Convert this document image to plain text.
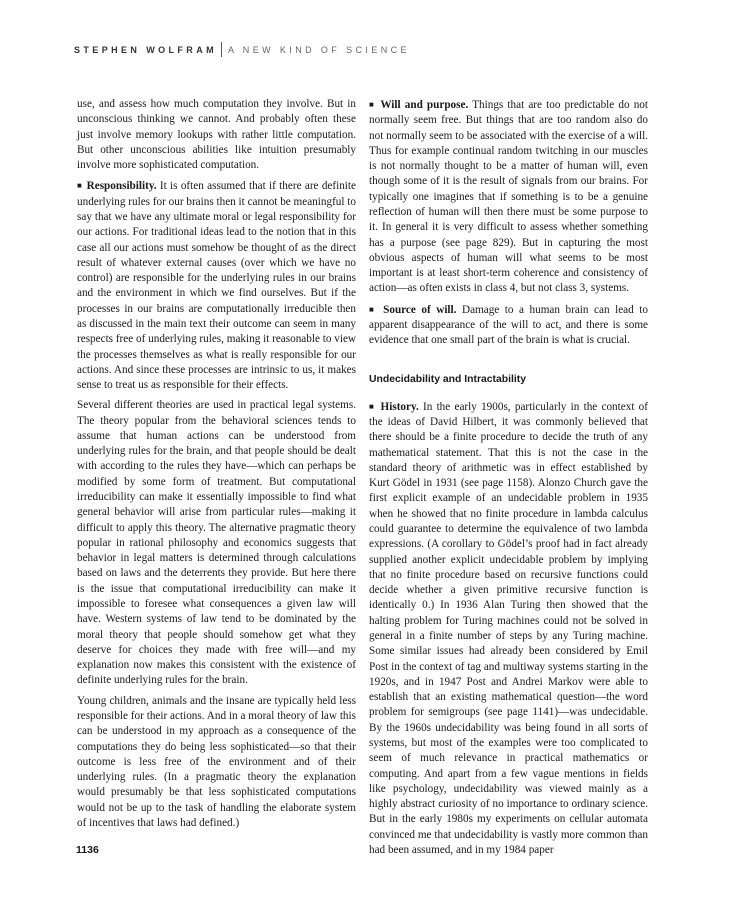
STEPHEN WOLFRAM A NEW KIND OF SCIENCE

use, and assess how much computation they involve. But in unconscious thinking we cannot. And probably often these just involve memory lookups with rather little computation. But other unconscious abilities like intuition presumably involve more sophisticated computation.

■ Responsibility. It is often assumed that if there are definite underlying rules for our brains then it cannot be meaningful to say that we have any ultimate moral or legal responsibility for our actions. For traditional ideas lead to the notion that in this case all our actions must somehow be thought of as the direct result of whatever external causes (over which we have no control) are responsible for the underlying rules in our brains and the environment in which we find ourselves. But if the processes in our brains are computationally irreducible then as discussed in the main text their outcome can seem in many respects free of underlying rules, making it reasonable to view the processes themselves as what is really responsible for our actions. And since these processes are intrinsic to us, it makes sense to treat us as responsible for their effects.

Several different theories are used in practical legal systems. The theory popular from the behavioral sciences tends to assume that human actions can be understood from underlying rules for the brain, and that people should be dealt with according to the rules they have—which can perhaps be modified by some form of treatment. But computational irreducibility can make it essentially impossible to find what general behavior will arise from particular rules—making it difficult to apply this theory. The alternative pragmatic theory popular in rational philosophy and economics suggests that behavior in legal matters is determined through calculations based on laws and the deterrents they provide. But here there is the issue that computational irreducibility can make it impossible to foresee what consequences a given law will have. Western systems of law tend to be dominated by the moral theory that people should somehow get what they deserve for choices they made with free will—and my explanation now makes this consistent with the existence of definite underlying rules for the brain.

Young children, animals and the insane are typically held less responsible for their actions. And in a moral theory of law this can be understood in my approach as a consequence of the computations they do being less sophisticated—so that their outcome is less free of the environment and of their underlying rules. (In a pragmatic theory the explanation would presumably be that less sophisticated computations would not be up to the task of handling the elaborate system of incentives that laws had defined.)

■ Will and purpose. Things that are too predictable do not normally seem free. But things that are too random also do not normally seem to be associated with the exercise of a will. Thus for example continual random twitching in our muscles is not normally thought to be a matter of human will, even though some of it is the result of signals from our brains. For typically one imagines that if something is to be a genuine reflection of human will then there must be some purpose to it. In general it is very difficult to assess whether something has a purpose (see page 829). But in capturing the most obvious aspects of human will what seems to be most important is at least short-term coherence and consistency of action—as often exists in class 4, but not class 3, systems.

■ Source of will. Damage to a human brain can lead to apparent disappearance of the will to act, and there is some evidence that one small part of the brain is what is crucial.

Undecidability and Intractability

■ History. In the early 1900s, particularly in the context of the ideas of David Hilbert, it was commonly believed that there should be a finite procedure to decide the truth of any mathematical statement. That this is not the case in the standard theory of arithmetic was in effect established by Kurt Gödel in 1931 (see page 1158). Alonzo Church gave the first explicit example of an undecidable problem in 1935 when he showed that no finite procedure in lambda calculus could guarantee to determine the equivalence of two lambda expressions. (A corollary to Gödel’s proof had in fact already supplied another explicit undecidable problem by implying that no finite procedure based on recursive functions could decide whether a given primitive recursive function is identically 0.) In 1936 Alan Turing then showed that the halting problem for Turing machines could not be solved in general in a finite number of steps by any Turing machine. Some similar issues had already been considered by Emil Post in the context of tag and multiway systems starting in the 1920s, and in 1947 Post and Andrei Markov were able to establish that an existing mathematical question—the word problem for semigroups (see page 1141)—was undecidable. By the 1960s undecidability was being found in all sorts of systems, but most of the examples were too complicated to seem of much relevance in practical mathematics or computing. And apart from a few vague mentions in fields like psychology, undecidability was viewed mainly as a highly abstract curiosity of no importance to ordinary science. But in the early 1980s my experiments on cellular automata convinced me that undecidability is vastly more common than had been assumed, and in my 1984 paper

1136
